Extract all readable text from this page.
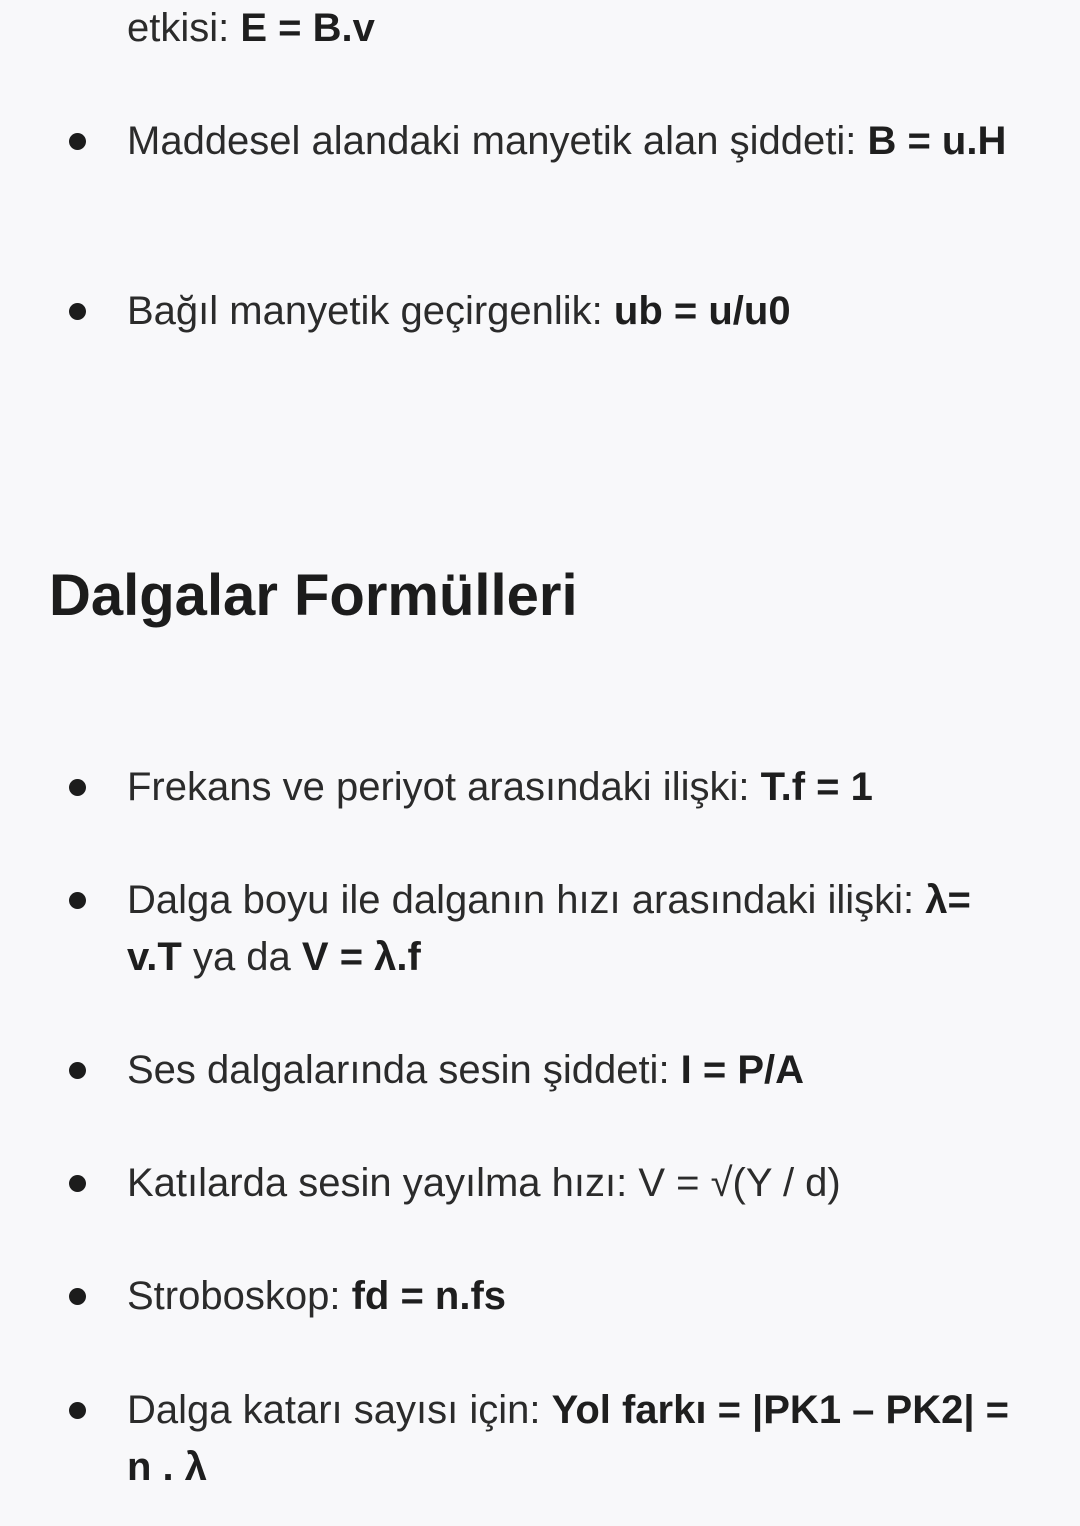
etkisi: E = B.v
Maddesel alandaki manyetik alan şiddeti: B = u.H
Bağıl manyetik geçirgenlik: ub = u/u0
Dalgalar Formülleri
Frekans ve periyot arasındaki ilişki: T.f = 1
Dalga boyu ile dalganın hızı arasındaki ilişki: λ= v.T ya da V = λ.f
Ses dalgalarında sesin şiddeti: I = P/A
Katılarda sesin yayılma hızı: V = √(Y / d)
Stroboskop: fd = n.fs
Dalga katarı sayısı için: Yol farkı = |PK1 – PK2| = n . λ
